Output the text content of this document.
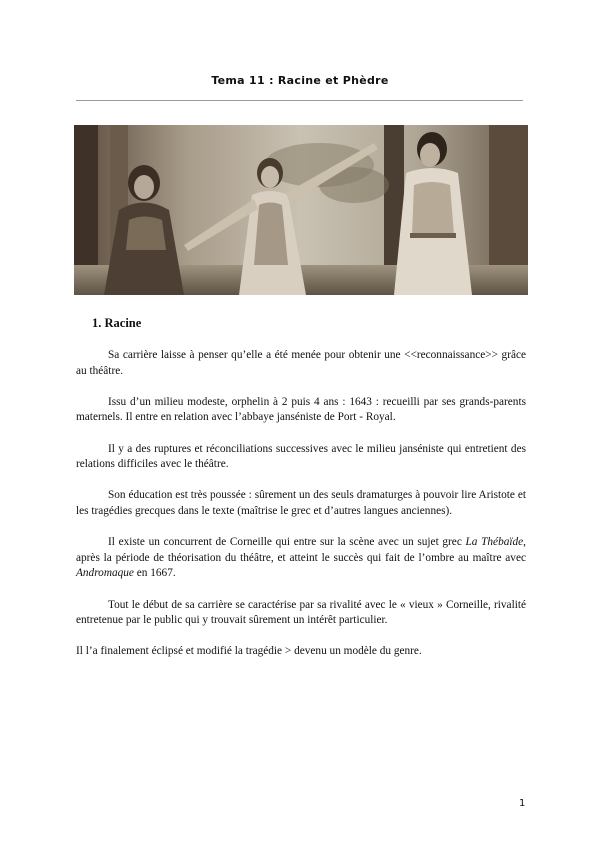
Tema 11 : Racine et Phèdre
1. Racine

Sa carrière laisse à penser qu’elle a été menée pour obtenir une <<reconnaissance>> grâce au théâtre.

Issu d’un milieu modeste, orphelin à 2 puis 4 ans : 1643 : recueilli par ses grands-parents maternels. Il entre en relation avec l’abbaye janséniste de Port - Royal.

Il y a des ruptures et réconciliations successives avec le milieu janséniste qui entretient des relations difficiles avec le théâtre.

Son éducation est très poussée : sûrement un des seuls dramaturges à pouvoir lire Aristote et les tragédies grecques dans le texte (maîtrise le grec et d’autres langues anciennes).

Il existe un concurrent de Corneille qui entre sur la scène avec un sujet grec La Thébaïde, après la période de théorisation du théâtre, et atteint le succès qui fait de l’ombre au maître avec Andromaque en 1667.

Tout le début de sa carrière se caractérise par sa rivalité avec le « vieux » Corneille, rivalité entretenue par le public qui y trouvait sûrement un intérêt particulier.

Il l’a finalement éclipsé et modifié la tragédie > devenu un modèle du genre.

1
